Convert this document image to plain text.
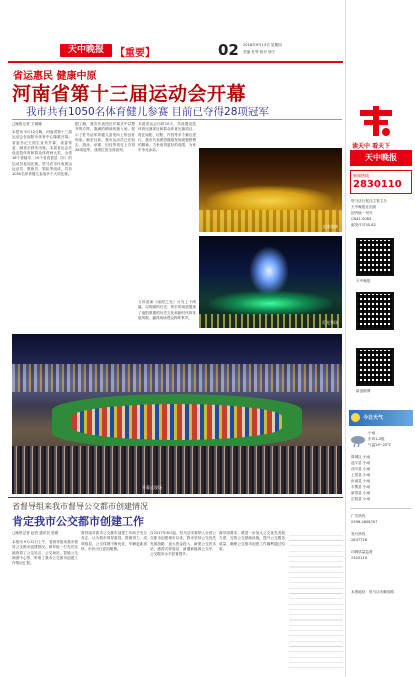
天中晚报	【重要】	02 2018年9月13日 星期四
责编 杜琴 校对 徐宁
省运惠民 健康中原
河南省第十三届运动会开幕
我市共有1050名体育健儿参赛 目前已夺得28项冠军
□晚报记者 王娜娜
本报讯 9月12日晚，河南省第十三届运动会在南阳市体育中心隆重开幕。省委书记王国生宣布开幕，省委常委、副省长舒庆出席。本届省运会共设竞技体育和群众体育两大类，全省18个省辖市、10个省直管县（市）的运动员参加比赛。驻马店市代表团由运动员、教练员、领队等组成，共有1050名体育健儿参加多个大项比赛。
据了解，我市代表团在开幕式中以整齐的方阵、饱满的精神风貌入场，展示了驻马店体育健儿奋发向上的良好形象。截至目前，我市运动员已在射击、游泳、举重、田径等项目上夺得28项冠军，成绩位居全省前列。
本届省运会历时10天，共设置竞技体育比赛项目和群众体育比赛项目，将在南阳、信阳、许昌等多个赛区进行。我市代表团将继续发扬顽强拼搏的精神，力争取得更好的成绩，为家乡争光添彩。
文体表演
灯光秀场
文体表演《南阳之光》分为上下两篇，以绚丽的灯光、恢宏的场面展现了南阳厚重的历史文化和新时代的发展风貌，赢得现场观众阵阵掌声。
开幕式现场
省督导组来我市督导公交都市创建情况
肯定我市公交都市创建工作
□晚报记者 赵哲 通讯员 张娟
本报讯 9月12日上午，省督导组来我市督导公交都市创建情况。督导组一行先后实地查看了公交站点、公交场站、智能公交调度中心等，听取了我市公交都市创建工作情况汇报。
督导组对我市公交都市创建工作给予充分肯定，认为我市领导重视、措施得力、成效明显，公交线网不断优化，车辆更新加快，市民出行更加便捷。
自2017年8月起，驻马店市被纳入全省公交都市创建城市以来，我市坚持公交优先发展战略，加大资金投入，新建公交首末站、港湾式停靠站，新增新能源公交车，公交服务水平显著提升。
督导组要求，要进一步加大公交优先发展力度，完善公交基础设施，提升公交服务质量，确保公交都市创建工作顺利通过验收。
读天中 看天下
天中晚报
新闻热线
2830110
驻马店日报社主管主办
天中晚报社出版
国内统一刊号
CN41-0083
邮发代号35-82
天中晚报
新浪微博
今日天气
小雨
东风1-2级
气温19~25℃
驿城区 小雨
遂平县 小雨
西平县 小雨
上蔡县 小雨
汝南县 小雨
平舆县 小雨
新蔡县 小雨
正阳县 小雨
广告热线
0396-2608707
发行热线
2837726
印刷质量监督
2320110
本报地址：驻马店市解放路
